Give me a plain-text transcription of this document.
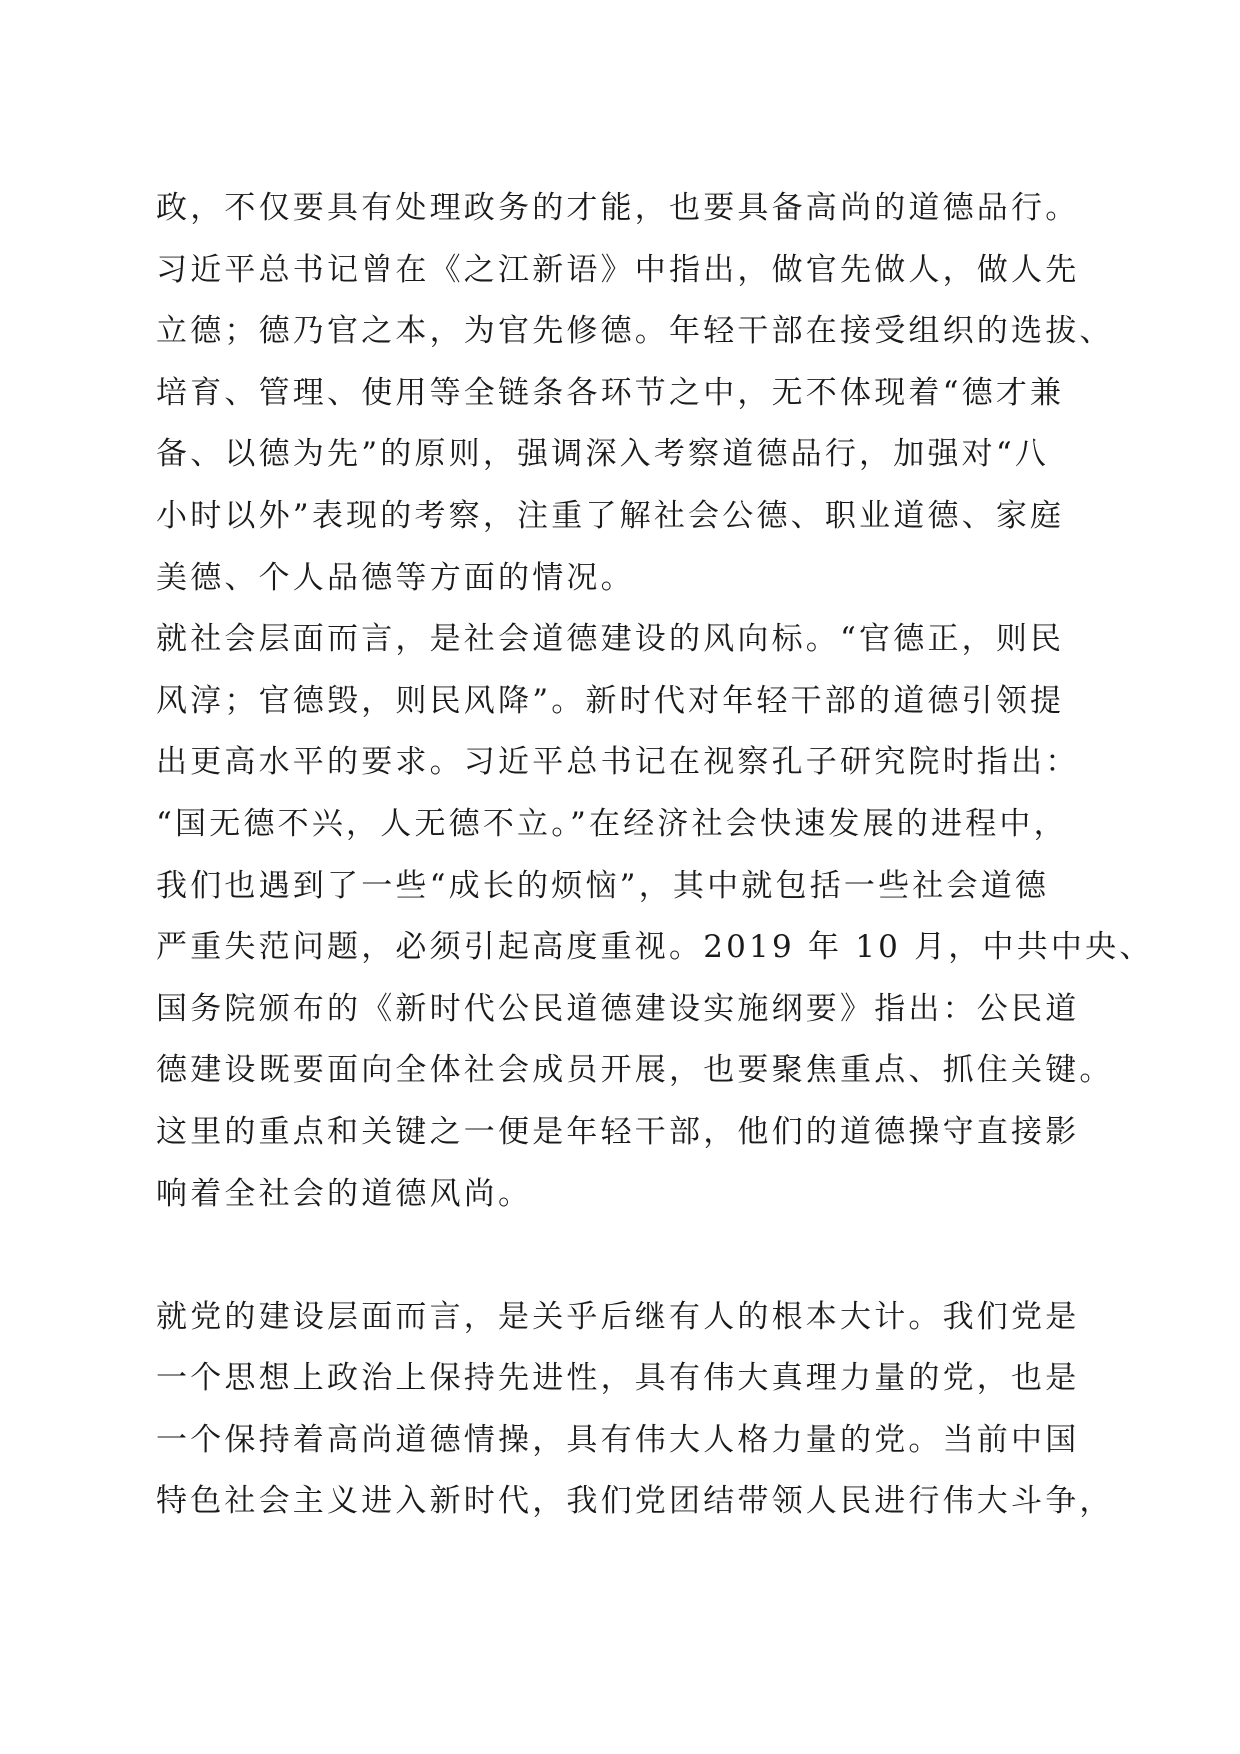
政，不仅要具有处理政务的才能，也要具备高尚的道德品行。
习近平总书记曾在《之江新语》中指出，做官先做人，做人先
立德；德乃官之本，为官先修德。年轻干部在接受组织的选拔、
培育、管理、使用等全链条各环节之中，无不体现着“德才兼
备、以德为先”的原则，强调深入考察道德品行，加强对“八
小时以外”表现的考察，注重了解社会公德、职业道德、家庭
美德、个人品德等方面的情况。
就社会层面而言，是社会道德建设的风向标。“官德正，则民
风淳；官德毁，则民风降”。新时代对年轻干部的道德引领提
出更高水平的要求。习近平总书记在视察孔子研究院时指出：
“国无德不兴，人无德不立。”在经济社会快速发展的进程中，
我们也遇到了一些“成长的烦恼”，其中就包括一些社会道德
严重失范问题，必须引起高度重视。2019 年 10 月，中共中央、
国务院颁布的《新时代公民道德建设实施纲要》指出：公民道
德建设既要面向全体社会成员开展，也要聚焦重点、抓住关键。
这里的重点和关键之一便是年轻干部，他们的道德操守直接影
响着全社会的道德风尚。
就党的建设层面而言，是关乎后继有人的根本大计。我们党是
一个思想上政治上保持先进性，具有伟大真理力量的党，也是
一个保持着高尚道德情操，具有伟大人格力量的党。当前中国
特色社会主义进入新时代，我们党团结带领人民进行伟大斗争，
